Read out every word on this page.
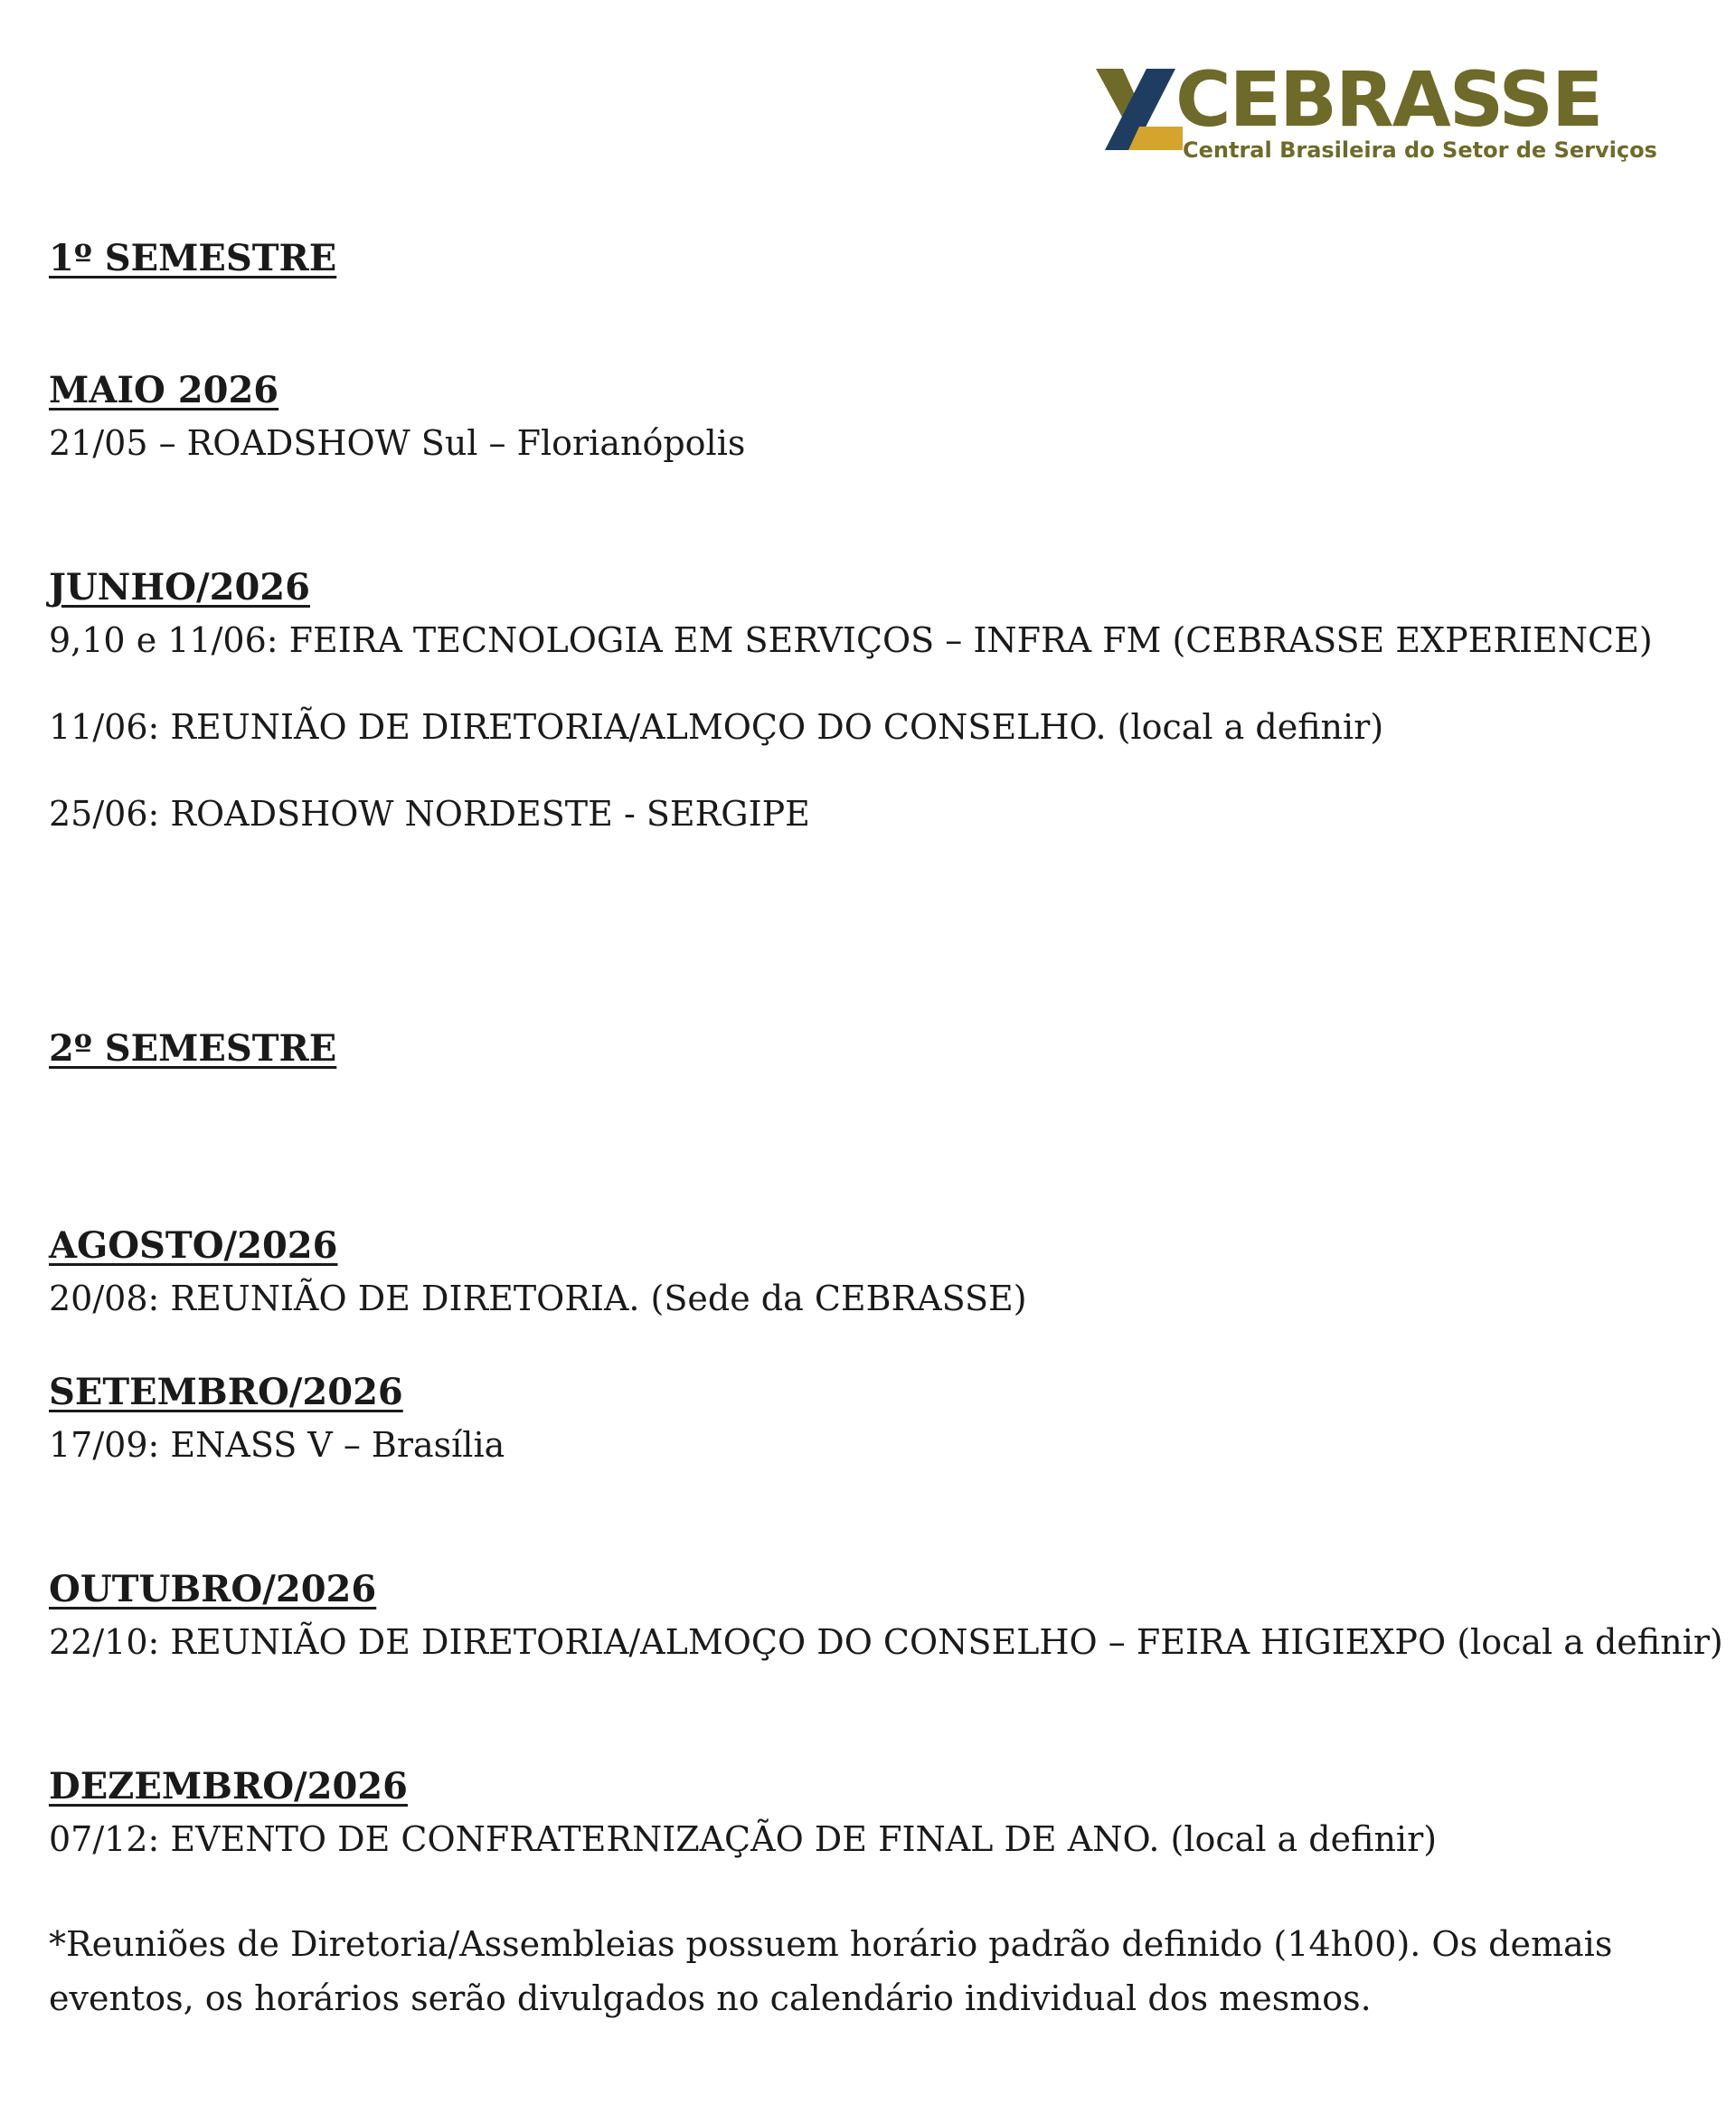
CEBRASSE
Central Brasileira do Setor de Serviços
1º SEMESTRE
MAIO 2026

21/05 – ROADSHOW Sul – Florianópolis

JUNHO/2026

9,10 e 11/06: FEIRA TECNOLOGIA EM SERVIÇOS – INFRA FM (CEBRASSE EXPERIENCE)

11/06: REUNIÃO DE DIRETORIA/ALMOÇO DO CONSELHO. (local a definir)

25/06: ROADSHOW NORDESTE - SERGIPE

2º SEMESTRE
AGOSTO/2026

20/08: REUNIÃO DE DIRETORIA. (Sede da CEBRASSE)

SETEMBRO/2026

17/09: ENASS V – Brasília

OUTUBRO/2026

22/10: REUNIÃO DE DIRETORIA/ALMOÇO DO CONSELHO – FEIRA HIGIEXPO (local a definir)

DEZEMBRO/2026

07/12: EVENTO DE CONFRATERNIZAÇÃO DE FINAL DE ANO. (local a definir)

*Reuniões de Diretoria/Assembleias possuem horário padrão definido (14h00). Os demais eventos, os horários serão divulgados no calendário individual dos mesmos.
